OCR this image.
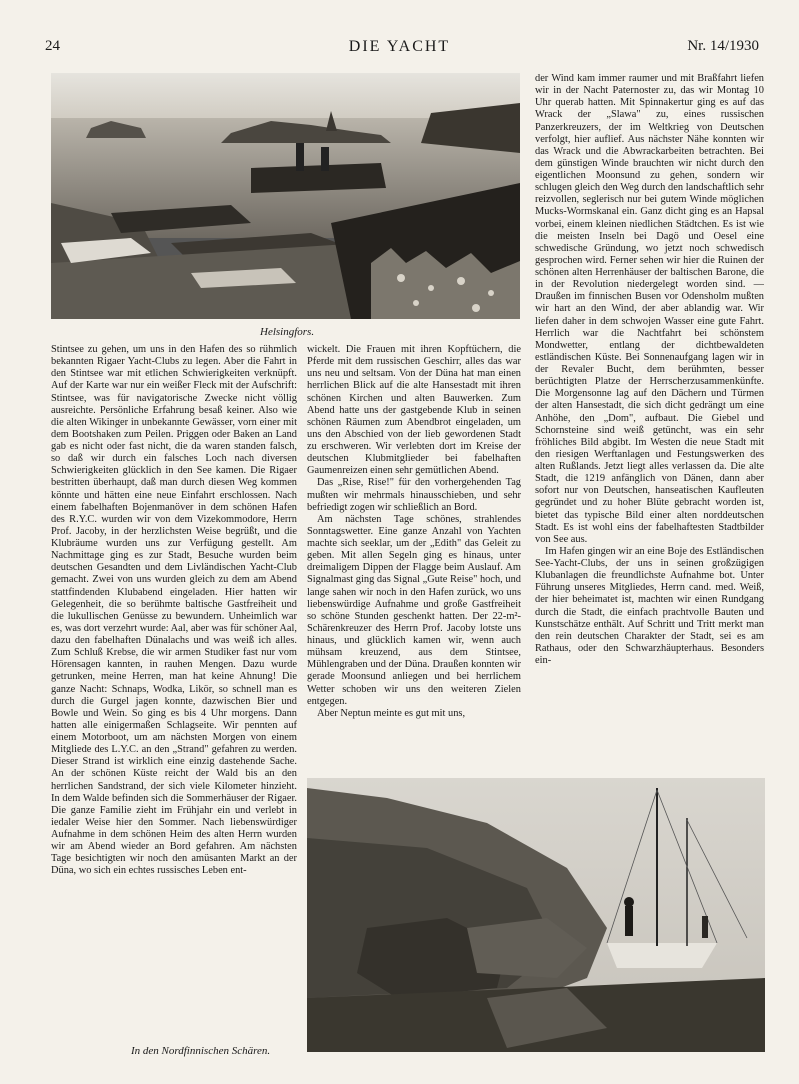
24	DIE YACHT	Nr. 14/1930
Helsingfors.

Stintsee zu gehen, um uns in den Hafen des so rühmlich bekannten Rigaer Yacht-Clubs zu legen. Aber die Fahrt in den Stintsee war mit etlichen Schwierigkeiten verknüpft. Auf der Karte war nur ein weißer Fleck mit der Aufschrift: Stintsee, was für navigatorische Zwecke nicht völlig ausreichte. Persönliche Erfahrung besaß keiner. Also wie die alten Wikinger in unbekannte Gewässer, vorn einer mit dem Bootshaken zum Peilen. Priggen oder Baken an Land gab es nicht oder fast nicht, die da waren standen falsch, so daß wir durch ein falsches Loch nach diversen Schwierigkeiten glücklich in den See kamen. Die Rigaer bestritten überhaupt, daß man durch diesen Weg kommen könnte und hätten eine neue Einfahrt erschlossen. Nach einem fabelhaften Bojenmanöver in dem schönen Hafen des R.Y.C. wurden wir von dem Vizekommodore, Herrn Prof. Jacoby, in der herzlichsten Weise begrüßt, und die Klubräume wurden uns zur Verfügung gestellt. Am Nachmittage ging es zur Stadt, Besuche wurden beim deutschen Gesandten und dem Livländischen Yacht-Club gemacht. Zwei von uns wurden gleich zu dem am Abend stattfindenden Klubabend eingeladen. Hier hatten wir Gelegenheit, die so berühmte baltische Gastfreiheit und die lukullischen Genüsse zu bewundern. Unheimlich war es, was dort verzehrt wurde: Aal, aber was für schöner Aal, dazu den fabelhaften Dünalachs und was weiß ich alles. Zum Schluß Krebse, die wir armen Studiker fast nur vom Hörensagen kannten, in rauhen Mengen. Dazu wurde getrunken, meine Herren, man hat keine Ahnung! Die ganze Nacht: Schnaps, Wodka, Likör, so schnell man es durch die Gurgel jagen konnte, dazwischen Bier und Bowle und Wein. So ging es bis 4 Uhr morgens. Dann hatten alle einigermaßen Schlagseite. Wir pennten auf einem Motorboot, um am nächsten Morgen von einem Mitgliede des L.Y.C. an den „Strand" gefahren zu werden. Dieser Strand ist wirklich eine einzig dastehende Sache. An der schönen Küste reicht der Wald bis an den herrlichen Sandstrand, der sich viele Kilometer hinzieht. In dem Walde befinden sich die Sommerhäuser der Rigaer. Die ganze Familie zieht im Frühjahr ein und verlebt in iedaler Weise hier den Sommer. Nach liebenswürdiger Aufnahme in dem schönen Heim des alten Herrn wurden wir am Abend wieder an Bord gefahren. Am nächsten Tage besichtigten wir noch den amüsanten Markt an der Düna, wo sich ein echtes russisches Leben ent-

wickelt. Die Frauen mit ihren Kopftüchern, die Pferde mit dem russischen Geschirr, alles das war uns neu und seltsam. Von der Düna hat man einen herrlichen Blick auf die alte Hansestadt mit ihren schönen Kirchen und alten Bauwerken. Zum Abend hatte uns der gastgebende Klub in seinen schönen Räumen zum Abendbrot eingeladen, um uns den Abschied von der lieb gewordenen Stadt zu erschweren. Wir verlebten dort im Kreise der deutschen Klubmitglieder bei fabelhaften Gaumenreizen einen sehr gemütlichen Abend.

Das „Rise, Rise!" für den vorhergehenden Tag mußten wir mehrmals hinausschieben, und sehr befriedigt zogen wir schließlich an Bord.

Am nächsten Tage schönes, strahlendes Sonntagswetter. Eine ganze Anzahl von Yachten machte sich seeklar, um der „Edith" das Geleit zu geben. Mit allen Segeln ging es hinaus, unter dreimaligem Dippen der Flagge beim Auslauf. Am Signalmast ging das Signal „Gute Reise" hoch, und lange sahen wir noch in den Hafen zurück, wo uns liebenswürdige Aufnahme und große Gastfreiheit so schöne Stunden geschenkt hatten. Der 22-m²-Schärenkreuzer des Herrn Prof. Jacoby lotste uns hinaus, und glücklich kamen wir, wenn auch mühsam kreuzend, aus dem Stintsee, Mühlengraben und der Düna. Draußen konnten wir gerade Moonsund anliegen und bei herrlichem Wetter schoben wir uns den weiteren Zielen entgegen.

Aber Neptun meinte es gut mit uns,

der Wind kam immer raumer und mit Braßfahrt liefen wir in der Nacht Paternoster zu, das wir Montag 10 Uhr querab hatten. Mit Spinnakertur ging es auf das Wrack der „Slawa" zu, eines russischen Panzerkreuzers, der im Weltkrieg von Deutschen verfolgt, hier auflief. Aus nächster Nähe konnten wir das Wrack und die Abwrackarbeiten betrachten. Bei dem günstigen Winde brauchten wir nicht durch den eigentlichen Moonsund zu gehen, sondern wir schlugen gleich den Weg durch den landschaftlich sehr reizvollen, seglerisch nur bei gutem Winde möglichen Mucks-Wormskanal ein. Ganz dicht ging es an Hapsal vorbei, einem kleinen niedlichen Städtchen. Es ist wie die meisten Inseln bei Dagö und Oesel eine schwedische Gründung, wo jetzt noch schwedisch gesprochen wird. Ferner sehen wir hier die Ruinen der schönen alten Herrenhäuser der baltischen Barone, die in der Revolution niedergelegt worden sind. — Draußen im finnischen Busen vor Odensholm mußten wir hart an den Wind, der aber ablandig war. Wir liefen daher in dem schwojen Wasser eine gute Fahrt. Herrlich war die Nachtfahrt bei schönstem Mondwetter, entlang der dichtbewaldeten estländischen Küste. Bei Sonnenaufgang lagen wir in der Revaler Bucht, dem berühmten, besser berüchtigten Platze der Herrscherzusammenkünfte. Die Morgensonne lag auf den Dächern und Türmen der alten Hansestadt, die sich dicht gedrängt um eine Anhöhe, den „Dom", aufbaut. Die Giebel und Schornsteine sind weiß getüncht, was ein sehr fröhliches Bild abgibt. Im Westen die neue Stadt mit den riesigen Werftanlagen und Festungswerken des alten Rußlands. Jetzt liegt alles verlassen da. Die alte Stadt, die 1219 anfänglich von Dänen, dann aber sofort nur von Deutschen, hanseatischen Kaufleuten gegründet und zu hoher Blüte gebracht worden ist, bietet das typische Bild einer alten norddeutschen Stadt. Es ist wohl eins der fabelhaftesten Stadtbilder von See aus.

Im Hafen gingen wir an eine Boje des Estländischen See-Yacht-Clubs, der uns in seinen großzügigen Klubanlagen die freundlichste Aufnahme bot. Unter Führung unseres Mitgliedes, Herrn cand. med. Weiß, der hier beheimatet ist, machten wir einen Rundgang durch die Stadt, die einfach prachtvolle Bauten und Kunstschätze enthält. Auf Schritt und Tritt merkt man den rein deutschen Charakter der Stadt, sei es am Rathaus, oder den Schwarzhäupterhaus. Besonders ein-

In den Nordfinnischen Schären.
